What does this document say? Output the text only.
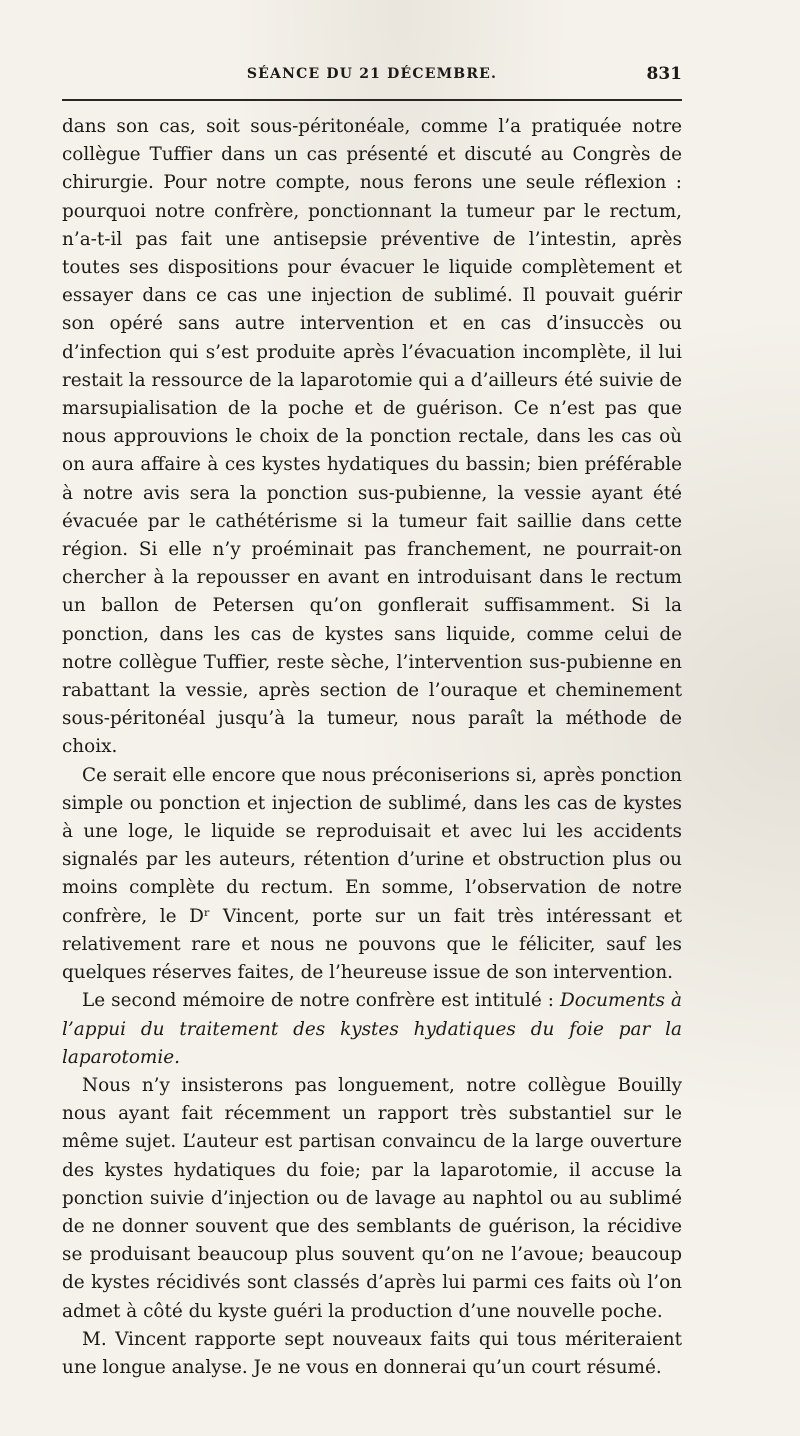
SÉANCE DU 21 DÉCEMBRE.	831

dans son cas, soit sous-péritonéale, comme l’a pratiquée notre collègue Tuffier dans un cas présenté et discuté au Congrès de chirurgie. Pour notre compte, nous ferons une seule réflexion : pourquoi notre confrère, ponctionnant la tumeur par le rectum, n’a-t-il pas fait une antisepsie préventive de l’intestin, après toutes ses dispositions pour évacuer le liquide complètement et essayer dans ce cas une injection de sublimé. Il pouvait guérir son opéré sans autre intervention et en cas d’insuccès ou d’infection qui s’est produite après l’évacuation incomplète, il lui restait la ressource de la laparotomie qui a d’ailleurs été suivie de marsupialisation de la poche et de guérison. Ce n’est pas que nous approuvions le choix de la ponction rectale, dans les cas où on aura affaire à ces kystes hydatiques du bassin; bien préférable à notre avis sera la ponction sus-pubienne, la vessie ayant été évacuée par le cathétérisme si la tumeur fait saillie dans cette région. Si elle n’y proéminait pas franchement, ne pourrait-on chercher à la repousser en avant en introduisant dans le rectum un ballon de Petersen qu’on gonflerait suffisamment. Si la ponction, dans les cas de kystes sans liquide, comme celui de notre collègue Tuffier, reste sèche, l’intervention sus-pubienne en rabattant la vessie, après section de l’ouraque et cheminement sous-péritonéal jusqu’à la tumeur, nous paraît la méthode de choix.

Ce serait elle encore que nous préconiserions si, après ponction simple ou ponction et injection de sublimé, dans les cas de kystes à une loge, le liquide se reproduisait et avec lui les accidents signalés par les auteurs, rétention d’urine et obstruction plus ou moins complète du rectum. En somme, l’observation de notre confrère, le Dʳ Vincent, porte sur un fait très intéressant et relativement rare et nous ne pouvons que le féliciter, sauf les quelques réserves faites, de l’heureuse issue de son intervention.

Le second mémoire de notre confrère est intitulé : Documents à l’appui du traitement des kystes hydatiques du foie par la laparotomie.

Nous n’y insisterons pas longuement, notre collègue Bouilly nous ayant fait récemment un rapport très substantiel sur le même sujet. L’auteur est partisan convaincu de la large ouverture des kystes hydatiques du foie; par la laparotomie, il accuse la ponction suivie d’injection ou de lavage au naphtol ou au sublimé de ne donner souvent que des semblants de guérison, la récidive se produisant beaucoup plus souvent qu’on ne l’avoue; beaucoup de kystes récidivés sont classés d’après lui parmi ces faits où l’on admet à côté du kyste guéri la production d’une nouvelle poche.

M. Vincent rapporte sept nouveaux faits qui tous mériteraient une longue analyse. Je ne vous en donnerai qu’un court résumé.
